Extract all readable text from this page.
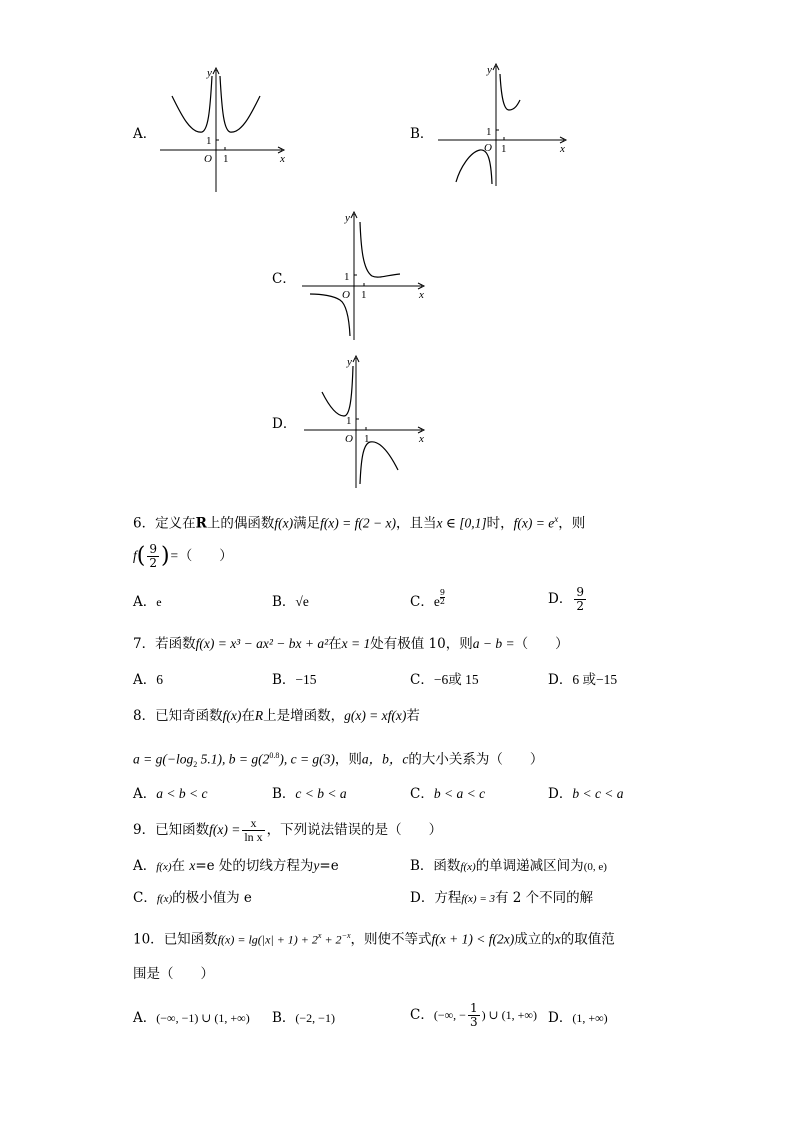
A．	1
1
O	x
y
B．	1
1
O	x
y
C．	1
1
O	x
y
D．	1
1
O	x
y
6．定义在R上的偶函数f(x)满足f(x) = f(2 − x)，且当x ∈ [0,1]时，$f(x) = e^x$，则
$f( \frac{9}{2}$ )=（　　）
A．e	B．√e	C．e $\frac{9}{2}$	D． $\frac{9}{2}$
7．若函数f(x) = x³ − ax² − bx + a²在x = 1处有极值 10，则a − b =（　　）
A．6	B．−15	C．−6或 15	D．6 或−15
8．已知奇函数f(x)在R上是增函数，g(x) = xf(x)若
$a = g(-\log_2$ 5.1), $b = g(2^{0.8})$, c = g(3)，则a，b，c的大小关系为（　　）
A．a < b < c	B．c < b < a	C．b < a < c	D．b < c < a
9．已知函数$f(x) = \frac{x}{\text{ln x}}$ ，下列说法错误的是（　　）
A．f(x)在 x=e 处的切线方程为y=e	B．函数f(x)的单调递减区间为(0, e)
C．f(x)的极小值为 e	D．方程f(x) = 3有 2 个不同的解
10．已知函数$f(x) = \lg(|x| + 1) + 2^x + 2^{-x}$，则使不等式f(x + 1) < f(2x)成立的x的取值范
围是（　　）
A．(−∞, −1) ∪ (1, +∞) B．(−2, −1)	C．(−∞, − $\frac{1}{3}$ ) ∪ (1, +∞) D．(1, +∞)
